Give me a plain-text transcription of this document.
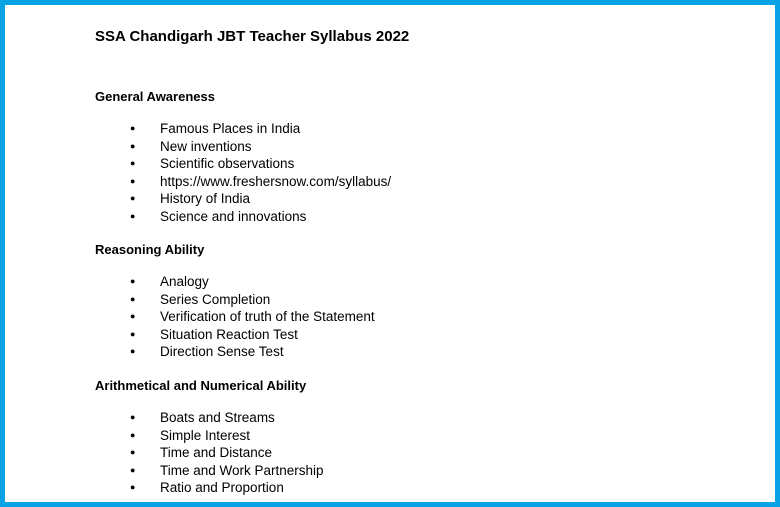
SSA Chandigarh JBT Teacher Syllabus 2022
General Awareness
● Famous Places in India
● New inventions
● Scientific observations
● https://www.freshersnow.com/syllabus/
● History of India
● Science and innovations
Reasoning Ability
● Analogy
● Series Completion
● Verification of truth of the Statement
● Situation Reaction Test
● Direction Sense Test
Arithmetical and Numerical Ability
● Boats and Streams
● Simple Interest
● Time and Distance
● Time and Work Partnership
● Ratio and Proportion
